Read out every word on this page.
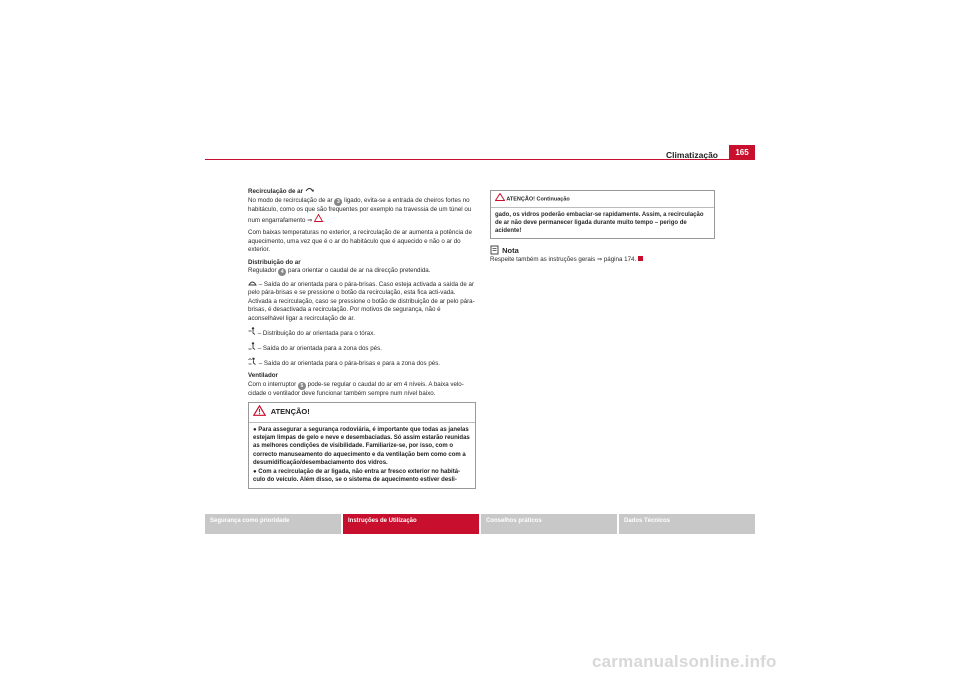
Climatização	165
Recirculação de ar
No modo de recirculação de ar 3 ligado, evita-se a entrada de cheiros fortes no habitáculo, como os que são frequentes por exemplo na travessia de um túnel ou num engarrafamento ⇒ .
Com baixas temperaturas no exterior, a recirculação de ar aumenta a potência de aquecimento, uma vez que é o ar do habitáculo que é aquecido e não o ar do exterior.
Distribuição do ar
Regulador 4 para orientar o caudal de ar na direcção pretendida.
– Saída do ar orientada para o pára-brisas. Caso esteja activada a saída de ar pelo pára-brisas e se pressione o botão da recirculação, esta fica acti-vada. Activada a recirculação, caso se pressione o botão de distribuição de ar pelo pára-brisas, é desactivada a recirculação. Por motivos de segurança, não é aconselhável ligar a recirculação de ar.
– Distribuição do ar orientada para o tórax.
– Saída do ar orientada para a zona dos pés.
– Saída do ar orientada para o pára-brisas e para a zona dos pés.
Ventilador
Com o interruptor 5 pode-se regular o caudal do ar em 4 níveis. A baixa velo-cidade o ventilador deve funcionar também sempre num nível baixo.
ATENÇÃO!
● Para assegurar a segurança rodoviária, é importante que todas as janelas estejam limpas de gelo e neve e desembaciadas. Só assim estarão reunidas as melhores condições de visibilidade. Familiarize-se, por isso, com o correcto manuseamento do aquecimento e da ventilação bem como com a desumidificação/desembaciamento dos vidros.
● Com a recirculação de ar ligada, não entra ar fresco exterior no habitá-culo do veículo. Além disso, se o sistema de aquecimento estiver desli-
ATENÇÃO! Continuação
gado, os vidros poderão embaciar-se rapidamente. Assim, a recirculação de ar não deve permanecer ligada durante muito tempo – perigo de acidente!
Nota
Respeite também as instruções gerais ⇒ página 174.
Segurança como prioridade	Instruções de Utilização	Conselhos práticos	Dados Técnicos
carmanualsonline.info
